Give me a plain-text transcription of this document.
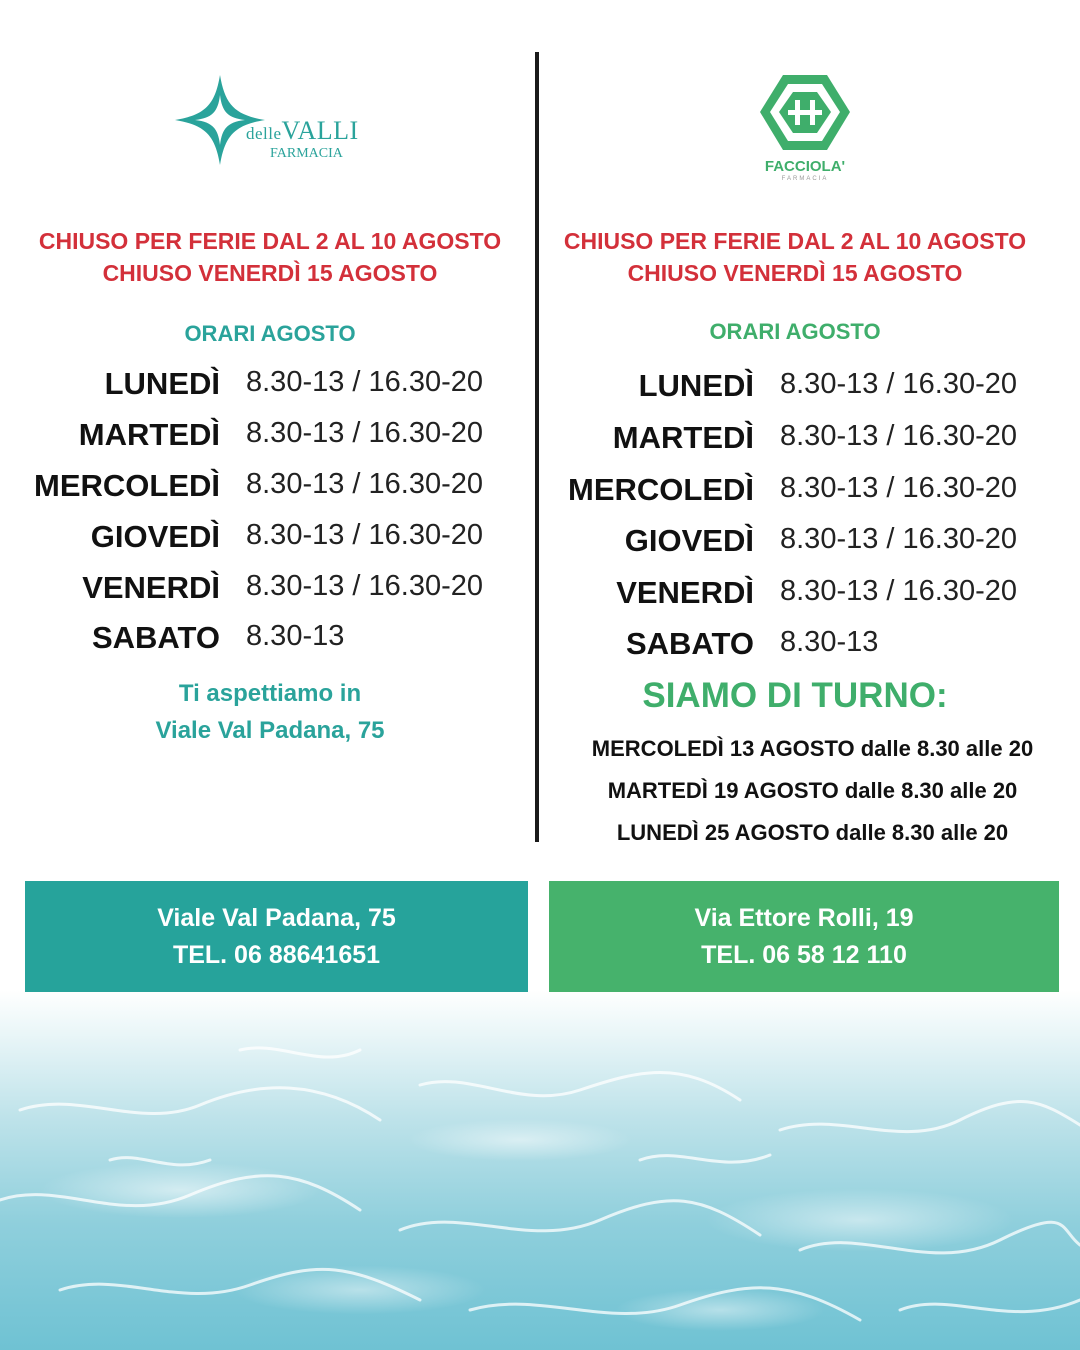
delleVALLI
FARMACIA
FACCIOLA'
FARMACIA
CHIUSO PER FERIE DAL 2 AL 10 AGOSTO
CHIUSO VENERDÌ 15 AGOSTO
ORARI AGOSTO
LUNEDÌ 8.30-13 / 16.30-20
MARTEDÌ 8.30-13 / 16.30-20
MERCOLEDÌ 8.30-13 / 16.30-20
GIOVEDÌ 8.30-13 / 16.30-20
VENERDÌ 8.30-13 / 16.30-20
SABATO 8.30-13
Ti aspettiamo in
Viale Val Padana, 75
CHIUSO PER FERIE DAL 2 AL 10 AGOSTO
CHIUSO VENERDÌ 15 AGOSTO
ORARI AGOSTO
LUNEDÌ 8.30-13 / 16.30-20
MARTEDÌ 8.30-13 / 16.30-20
MERCOLEDÌ 8.30-13 / 16.30-20
GIOVEDÌ 8.30-13 / 16.30-20
VENERDÌ 8.30-13 / 16.30-20
SABATO 8.30-13
SIAMO DI TURNO:
MERCOLEDÌ 13 AGOSTO dalle 8.30 alle 20
MARTEDÌ 19 AGOSTO dalle 8.30 alle 20
LUNEDÌ 25 AGOSTO dalle 8.30 alle 20
Viale Val Padana, 75
TEL. 06 88641651
Via Ettore Rolli, 19
TEL. 06 58 12 110
